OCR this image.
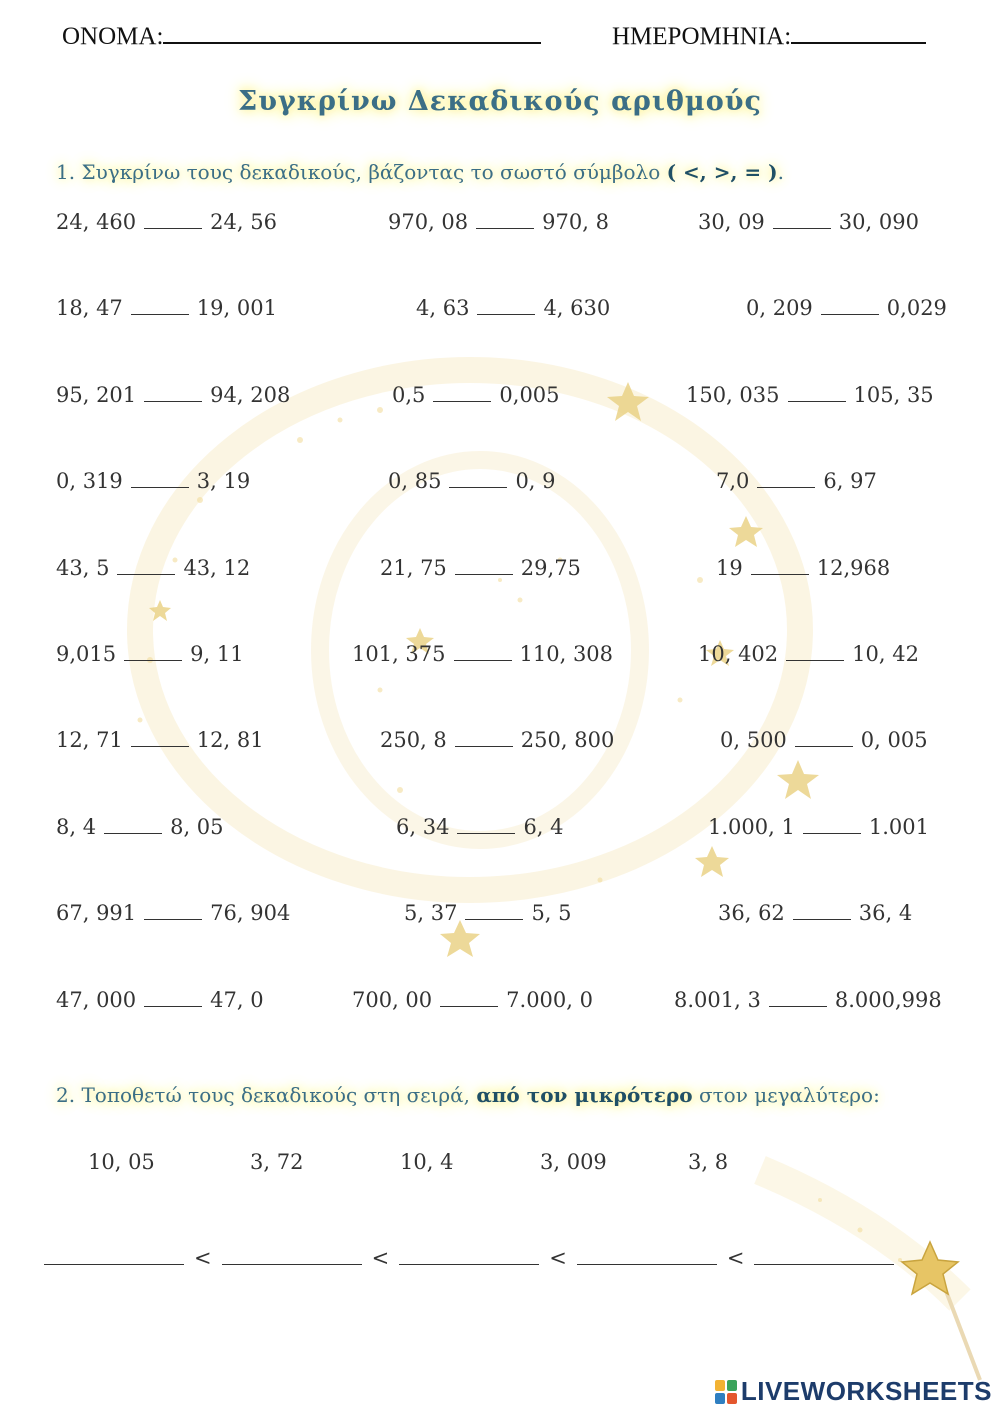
ΟΝΟΜΑ:	ΗΜΕΡΟΜΗΝΙΑ:
Συγκρίνω Δεκαδικούς αριθμούς
1. Συγκρίνω τους δεκαδικούς, βάζοντας το σωστό σύμβολο ( <, >, = ).
24, 460	24, 56	970, 08	970, 8	30, 09	30, 090
18, 47	19, 001	4, 63	4, 630	0, 209	0,029
95, 201	94, 208	0,5	0,005	150, 035	105, 35
0, 319	3, 19	0, 85	0, 9	7,0	6, 97
43, 5	43, 12	21, 75	29,75	19	12,968
9,015	9, 11	101, 375	110, 308	10, 402	10, 42
12, 71	12, 81	250, 8	250, 800	0, 500	0, 005
8, 4	8, 05	6, 34	6, 4	1.000, 1	1.001
67, 991	76, 904	5, 37	5, 5	36, 62	36, 4
47, 000	47, 0	700, 00	7.000, 0	8.001, 3	8.000,998
2. Τοποθετώ τους δεκαδικούς στη σειρά, από τον μικρότερο στον μεγαλύτερο:
10, 05	3, 72	10, 4	3, 009	3, 8
<	<	<	<
LIVEWORKSHEETS
